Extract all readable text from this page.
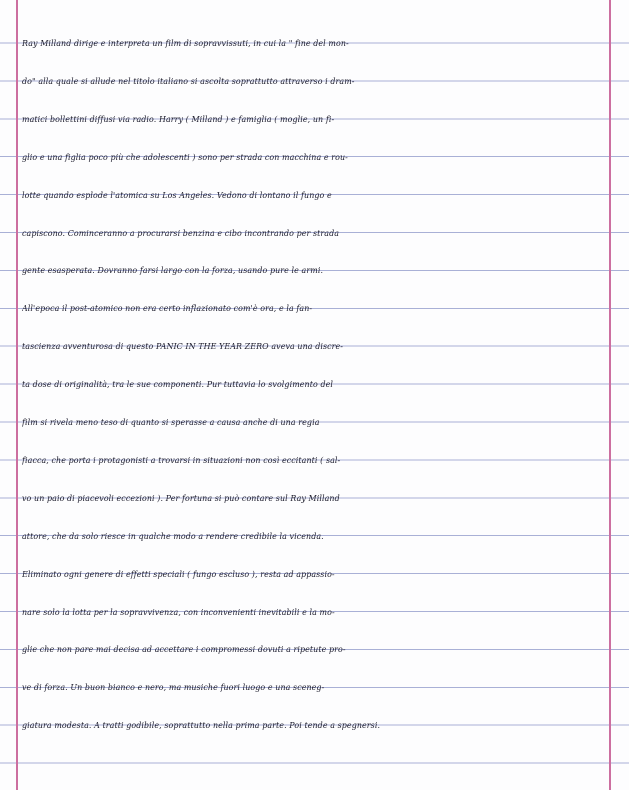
Ray Milland dirige e interpreta un film di sopravvissuti, in cui la " fine del mon-
do" alla quale si allude nel titolo italiano si ascolta soprattutto attraverso i dram-
matici bollettini diffusi via radio. Harry ( Milland ) e famiglia ( moglie, un fi-
glio e una figlia poco più che adolescenti ) sono per strada con macchina e rou-
lotte quando esplode l'atomica su Los Angeles. Vedono di lontano il fungo e
capiscono. Cominceranno a procurarsi benzina e cibo incontrando per strada
gente esasperata. Dovranno farsi largo con la forza, usando pure le armi.
All'epoca il post-atomico non era certo inflazionato com'è ora, e la fan-
tascienza avventurosa di questo PANIC IN THE YEAR ZERO aveva una discre-
ta dose di originalità, tra le sue componenti. Pur tuttavia lo svolgimento del
film si rivela meno teso di quanto si sperasse a causa anche di una regia
fiacca, che porta i protagonisti a trovarsi in situazioni non così eccitanti ( sal-
vo un paio di piacevoli eccezioni ). Per fortuna si può contare sul Ray Milland
attore, che da solo riesce in qualche modo a rendere credibile la vicenda.
Eliminato ogni genere di effetti speciali ( fungo escluso ), resta ad appassio-
nare solo la lotta per la sopravvivenza, con inconvenienti inevitabili e la mo-
glie che non pare mai decisa ad accettare i compromessi dovuti a ripetute pro-
ve di forza. Un buon bianco e nero, ma musiche fuori luogo e una sceneg-
giatura modesta. A tratti godibile, soprattutto nella prima parte. Poi tende a spegnersi.
